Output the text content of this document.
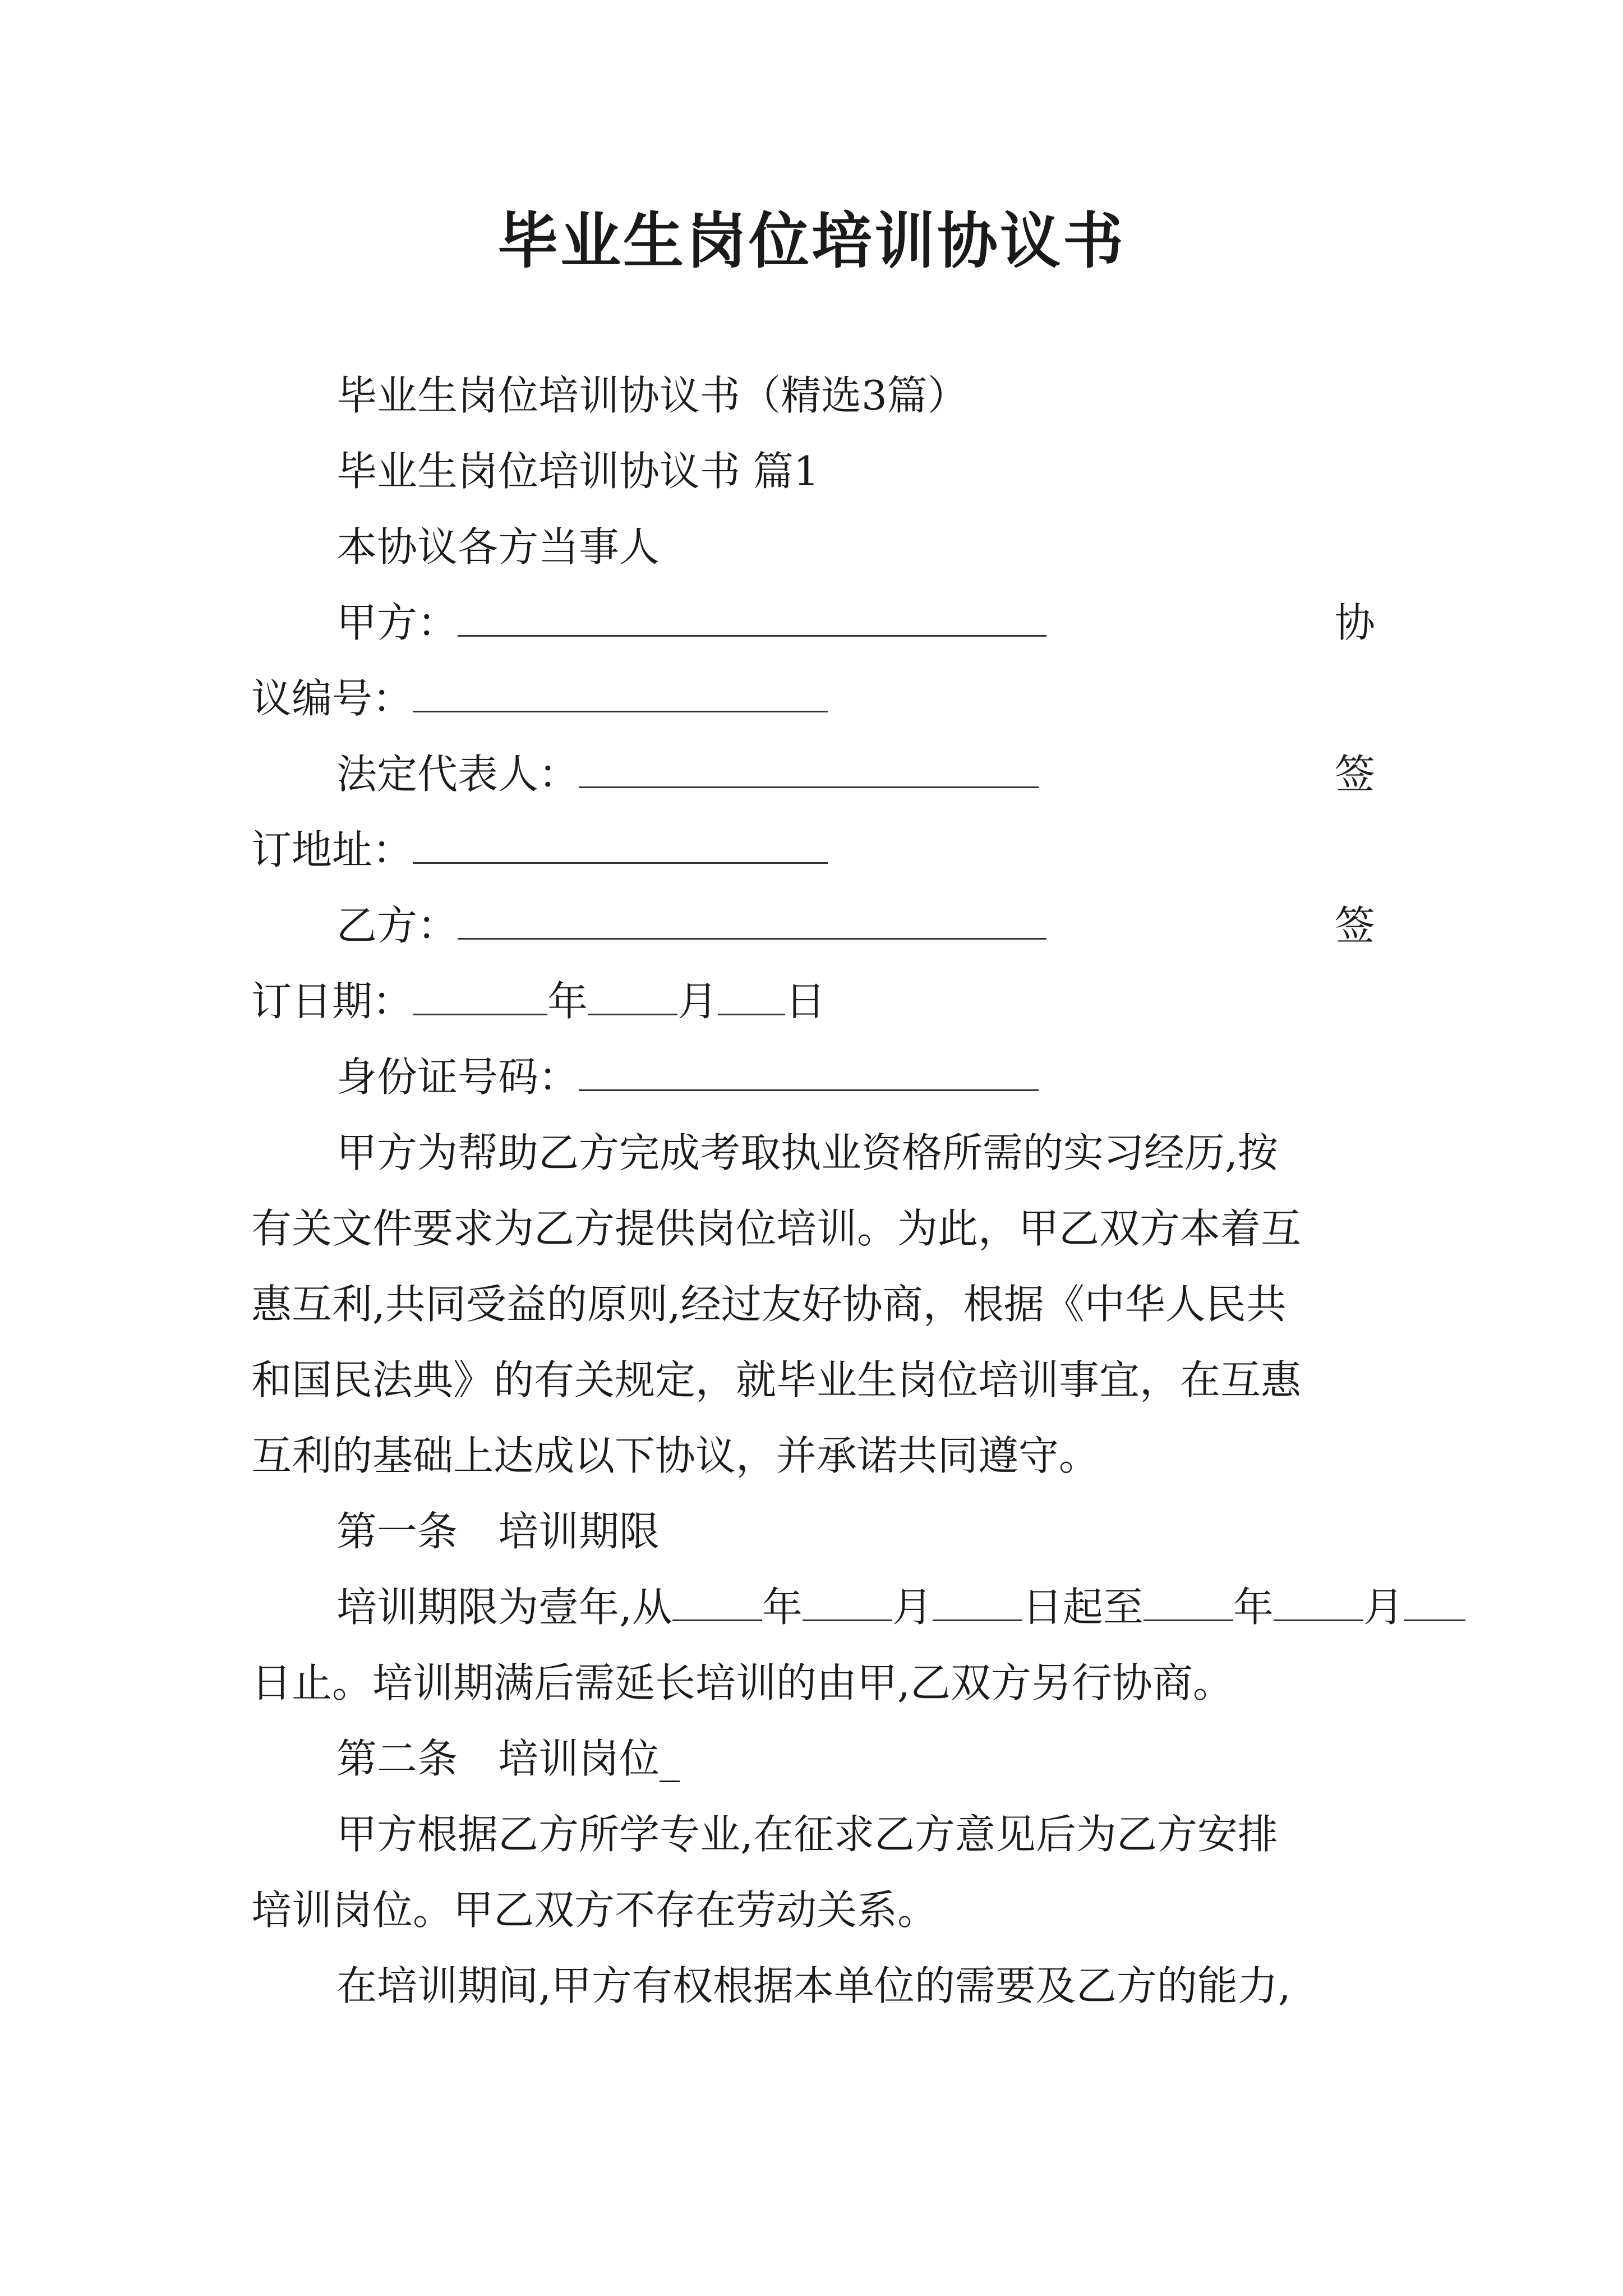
毕业生岗位培训协议书
毕业生岗位培训协议书（精选3篇）
毕业生岗位培训协议书 篇1
本协议各方当事人
甲方：	协
议编号：
法定代表人：	签
订地址：
乙方：	签
订日期：	年 月 日
身份证号码：
甲方为帮助乙方完成考取执业资格所需的实习经历,按
有关文件要求为乙方提供岗位培训。为此，甲乙双方本着互
惠互利,共同受益的原则,经过友好协商，根据《中华人民共
和国民法典》的有关规定，就毕业生岗位培训事宜，在互惠
互利的基础上达成以下协议，并承诺共同遵守。
第一条　培训期限
培训期限为壹年,从 年 月 日起至 年 月
日止。培训期满后需延长培训的由甲,乙双方另行协商。
第二条　培训岗位_
甲方根据乙方所学专业,在征求乙方意见后为乙方安排
培训岗位。甲乙双方不存在劳动关系。
在培训期间,甲方有权根据本单位的需要及乙方的能力,
